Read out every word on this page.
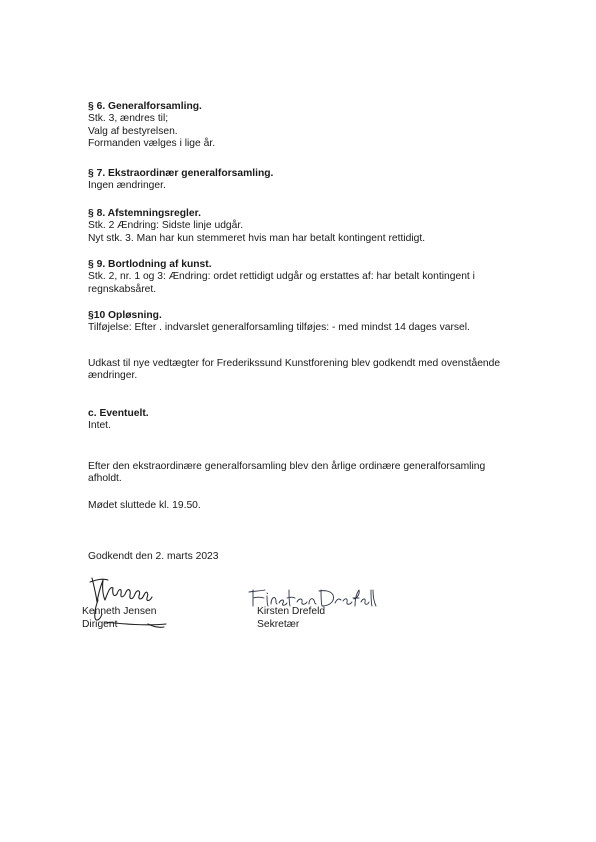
§ 6. Generalforsamling.
Stk. 3, ændres til;
Valg af bestyrelsen.
Formanden vælges i lige år.
§ 7. Ekstraordinær generalforsamling.
Ingen ændringer.
§ 8. Afstemningsregler.
Stk. 2 Ændring: Sidste linje udgår.
Nyt stk. 3. Man har kun stemmeret hvis man har betalt kontingent rettidigt.
§ 9. Bortlodning af kunst.
Stk. 2, nr. 1 og 3: Ændring: ordet rettidigt udgår og erstattes af: har betalt kontingent i
regnskabsåret.
§10 Opløsning.
Tilføjelse: Efter . indvarslet generalforsamling tilføjes: - med mindst 14 dages varsel.
Udkast til nye vedtægter for Frederikssund Kunstforening blev godkendt med ovenstående
ændringer.
c. Eventuelt.
Intet.
Efter den ekstraordinære generalforsamling blev den årlige ordinære generalforsamling
afholdt.
Mødet sluttede kl. 19.50.
Godkendt den 2. marts 2023
Kenneth Jensen
Dirigent
Kirsten Drefeld
Sekretær
